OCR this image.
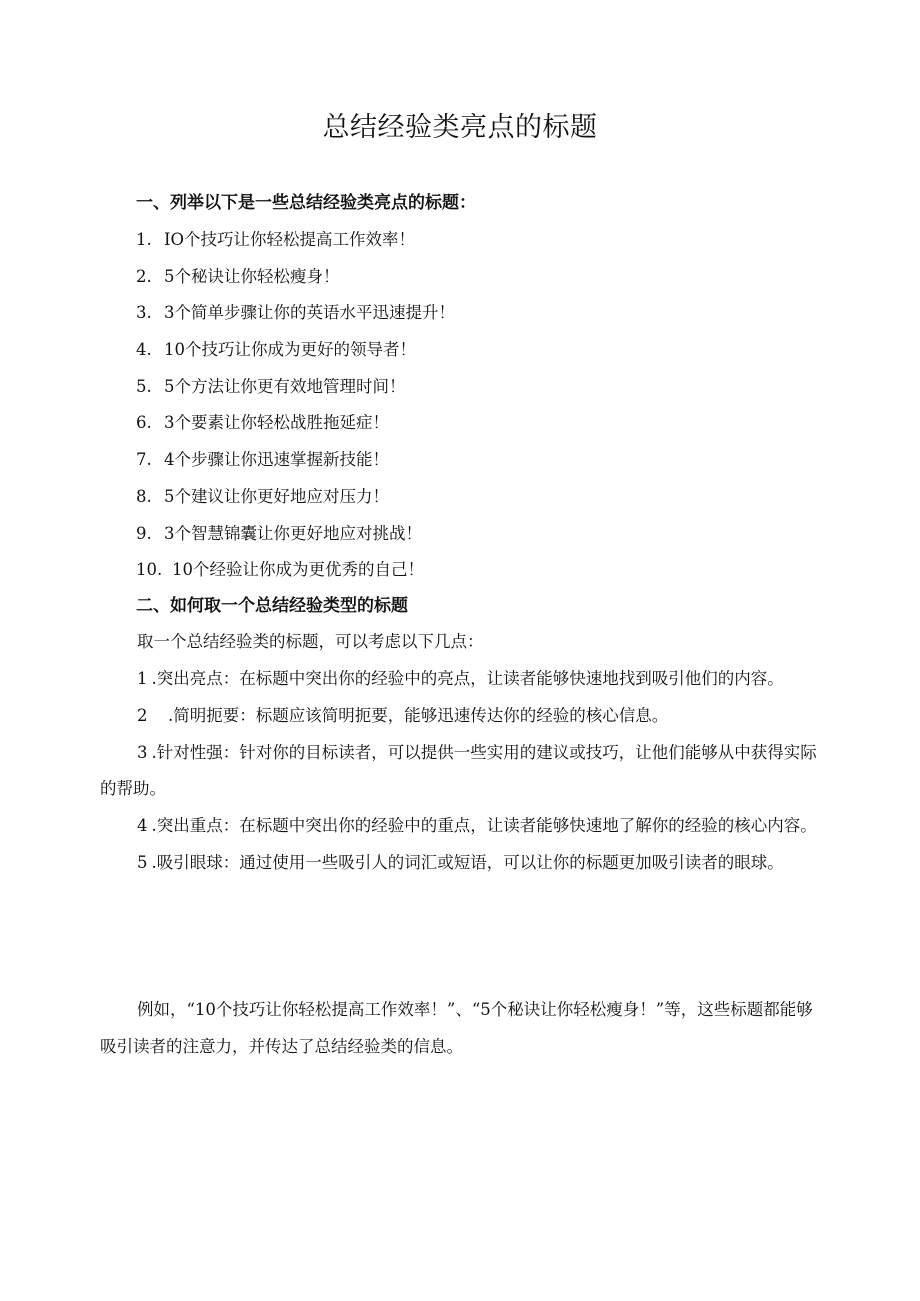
总结经验类亮点的标题
一、列举以下是一些总结经验类亮点的标题：
1. IO个技巧让你轻松提高工作效率！
2. 5个秘诀让你轻松瘦身！
3. 3个简单步骤让你的英语水平迅速提升！
4. 10个技巧让你成为更好的领导者！
5. 5个方法让你更有效地管理时间！
6. 3个要素让你轻松战胜拖延症！
7. 4个步骤让你迅速掌握新技能！
8. 5个建议让你更好地应对压力！
9. 3个智慧锦囊让你更好地应对挑战！
10. 10个经验让你成为更优秀的自己！
二、如何取一个总结经验类型的标题
取一个总结经验类的标题，可以考虑以下几点：

1 .突出亮点：在标题中突出你的经验中的亮点，让读者能够快速地找到吸引他们的内容。

2　.简明扼要：标题应该简明扼要，能够迅速传达你的经验的核心信息。

3 .针对性强：针对你的目标读者，可以提供一些实用的建议或技巧，让他们能够从中获得实际的帮助。

4 .突出重点：在标题中突出你的经验中的重点，让读者能够快速地了解你的经验的核心内容。

5 .吸引眼球：通过使用一些吸引人的词汇或短语，可以让你的标题更加吸引读者的眼球。

例如，“10个技巧让你轻松提高工作效率！”、“5个秘诀让你轻松瘦身！”等，这些标题都能够吸引读者的注意力，并传达了总结经验类的信息。
